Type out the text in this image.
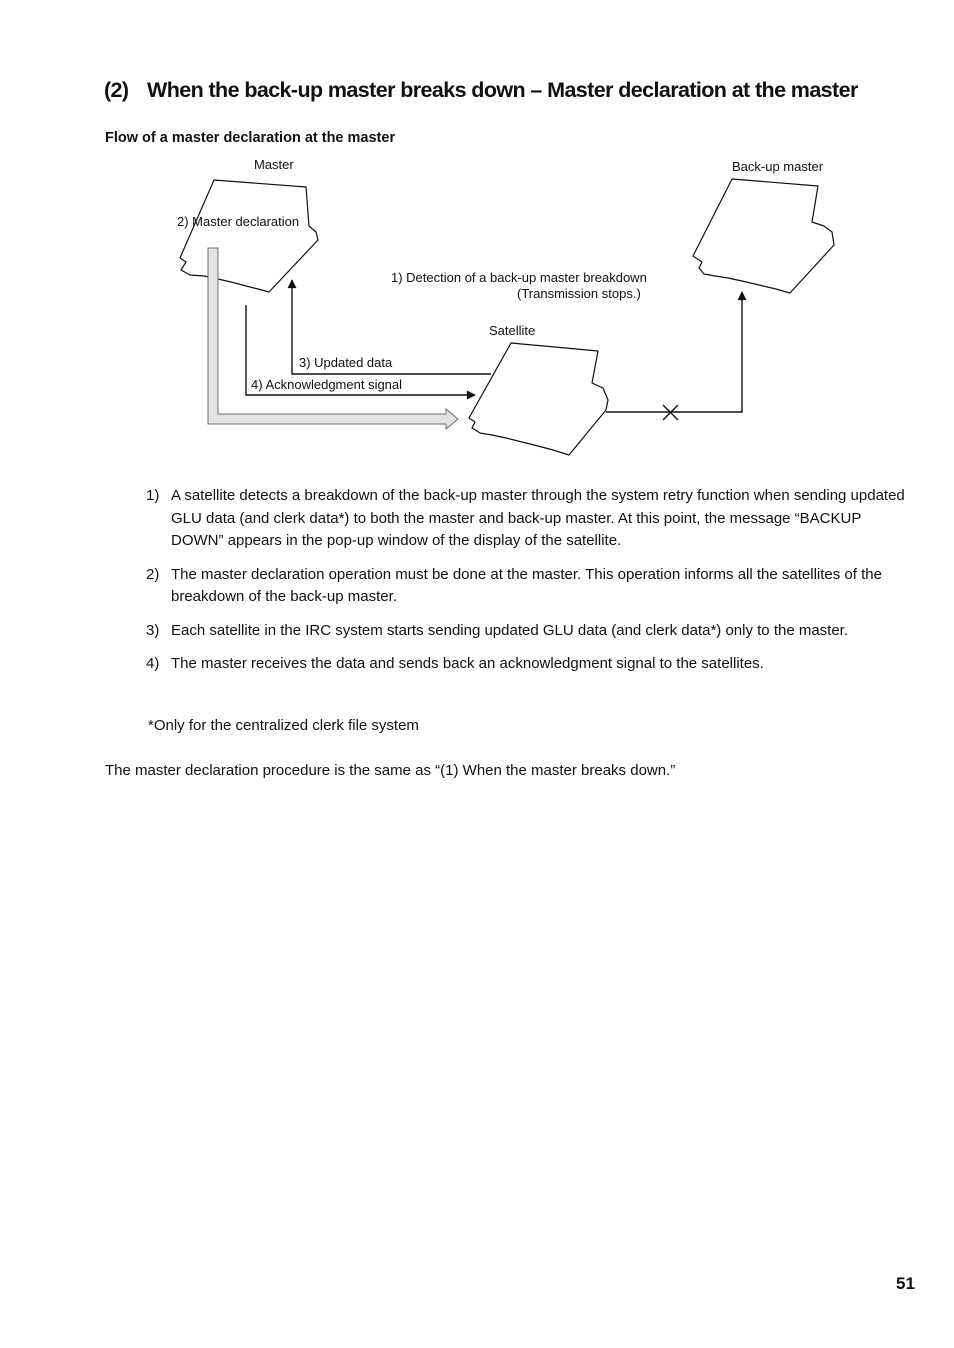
(2) When the back-up master breaks down – Master declaration at the master

Flow of a master declaration at the master

Master	Back-up master
2) Master declaration
1) Detection of a back-up master breakdown
(Transmission stops.)
Satellite
3) Updated data
4) Acknowledgment signal
1) A satellite detects a breakdown of the back-up master through the system retry function when sending updated GLU data (and clerk data*) to both the master and back-up master. At this point, the message “BACKUP DOWN” appears in the pop-up window of the display of the satellite.
2) The master declaration operation must be done at the master. This operation informs all the satellites of the breakdown of the back-up master.
3) Each satellite in the IRC system starts sending updated GLU data (and clerk data*) only to the master.
4) The master receives the data and sends back an acknowledgment signal to the satellites.

*Only for the centralized clerk file system

The master declaration procedure is the same as “(1) When the master breaks down.”

51
